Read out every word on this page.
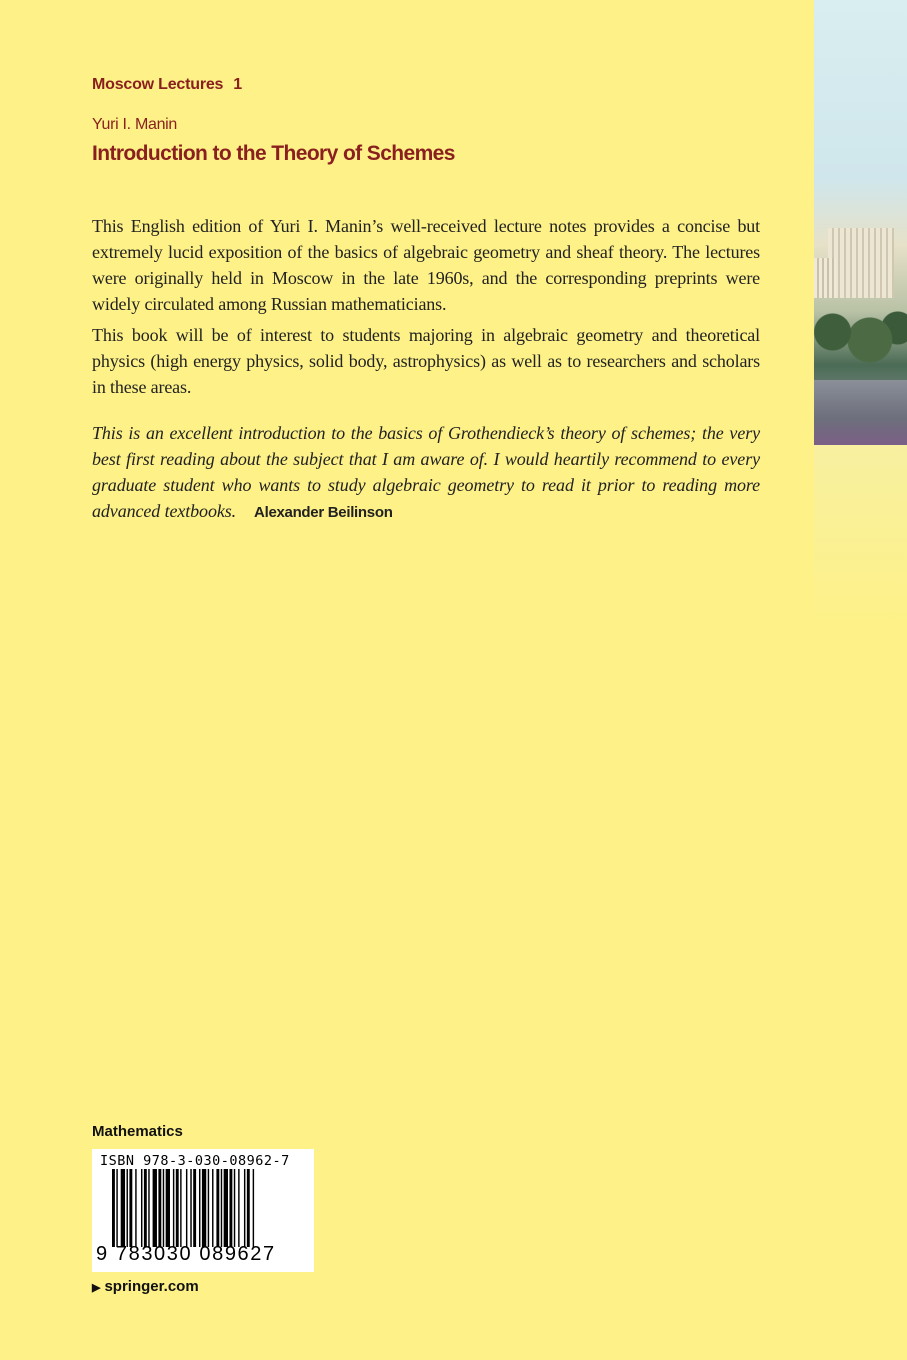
Moscow Lectures 1
Yuri I. Manin
Introduction to the Theory of Schemes

This English edition of Yuri I. Manin’s well-received lecture notes provides a concise but extremely lucid exposition of the basics of algebraic geometry and sheaf theory. The lectures were originally held in Moscow in the late 1960s, and the corresponding preprints were widely circulated among Russian mathematicians.

This book will be of interest to students majoring in algebraic geometry and theoretical physics (high energy physics, solid body, astrophysics) as well as to researchers and scholars in these areas.

This is an excellent introduction to the basics of Grothendieck’s theory of schemes; the very best first reading about the subject that I am aware of. I would heartily recommend to every graduate student who wants to study algebraic geometry to read it prior to reading more advanced textbooks. Alexander Beilinson

Mathematics
ISBN 978-3-030-08962-7
9 783030 089627
▶ springer.com
